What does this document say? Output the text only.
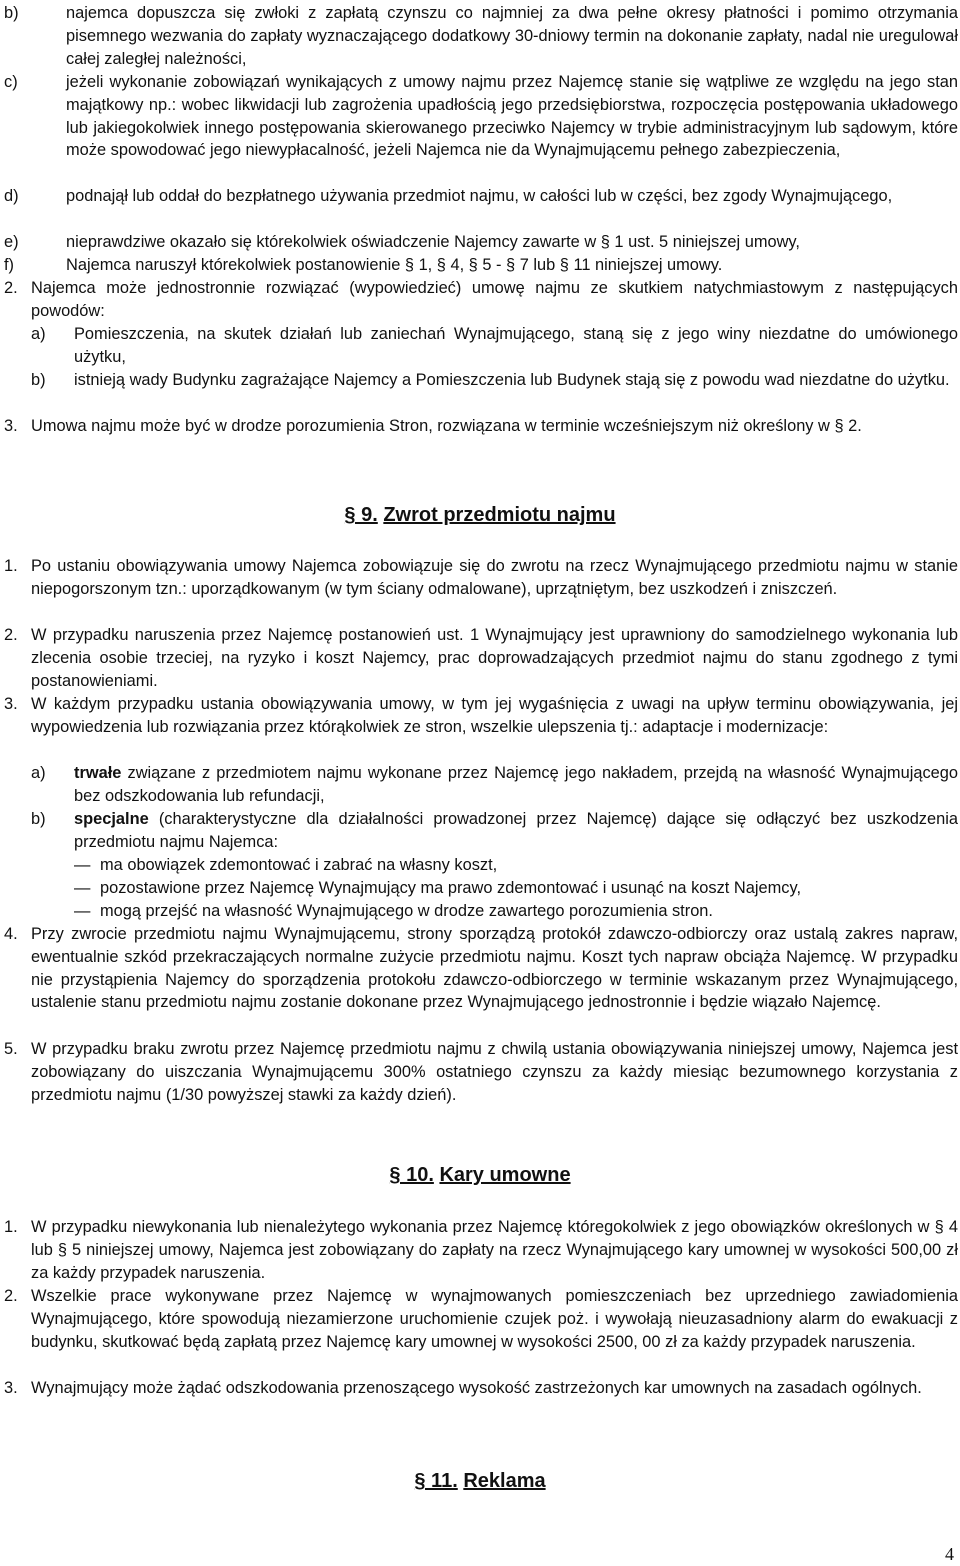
b)	najemca dopuszcza się zwłoki z zapłatą czynszu co najmniej za dwa pełne okresy płatności i pomimo otrzymania pisemnego wezwania do zapłaty wyznaczającego dodatkowy 30-dniowy termin na dokonanie zapłaty, nadal nie uregulował całej zaległej należności,
c)	jeżeli wykonanie zobowiązań wynikających z umowy najmu przez Najemcę stanie się wątpliwe ze względu na jego stan majątkowy np.: wobec likwidacji lub zagrożenia upadłością jego przedsiębiorstwa, rozpoczęcia postępowania układowego lub jakiegokolwiek innego postępowania skierowanego przeciwko Najemcy w trybie administracyjnym lub sądowym, które może spowodować jego niewypłacalność, jeżeli Najemca nie da Wynajmującemu pełnego zabezpieczenia,
d)	podnajął lub oddał do bezpłatnego używania przedmiot najmu, w całości lub w części, bez zgody Wynajmującego,
e)	nieprawdziwe okazało się którekolwiek oświadczenie Najemcy zawarte w § 1 ust. 5 niniejszej umowy,
f)	Najemca naruszył którekolwiek postanowienie § 1, § 4, § 5 - § 7 lub § 11 niniejszej umowy.
2. Najemca może jednostronnie rozwiązać (wypowiedzieć) umowę najmu ze skutkiem natychmiastowym z następujących powodów:
a) Pomieszczenia, na skutek działań lub zaniechań Wynajmującego, staną się z jego winy niezdatne do umówionego użytku,
b) istnieją wady Budynku zagrażające Najemcy a Pomieszczenia lub Budynek stają się z powodu wad niezdatne do użytku.
3. Umowa najmu może być w drodze porozumienia Stron, rozwiązana w terminie wcześniejszym niż określony w § 2.
§ 9. Zwrot przedmiotu najmu
1. Po ustaniu obowiązywania umowy Najemca zobowiązuje się do zwrotu na rzecz Wynajmującego przedmiotu najmu w stanie niepogorszonym tzn.: uporządkowanym (w tym ściany odmalowane), uprzątniętym, bez uszkodzeń i zniszczeń.
2. W przypadku naruszenia przez Najemcę postanowień ust. 1 Wynajmujący jest uprawniony do samodzielnego wykonania lub zlecenia osobie trzeciej, na ryzyko i koszt Najemcy, prac doprowadzających przedmiot najmu do stanu zgodnego z tymi postanowieniami.
3. W każdym przypadku ustania obowiązywania umowy, w tym jej wygaśnięcia z uwagi na upływ terminu obowiązywania, jej wypowiedzenia lub rozwiązania przez którąkolwiek ze stron, wszelkie ulepszenia tj.: adaptacje i modernizacje:
a) trwałe związane z przedmiotem najmu wykonane przez Najemcę jego nakładem, przejdą na własność Wynajmującego bez odszkodowania lub refundacji,
b) specjalne (charakterystyczne dla działalności prowadzonej przez Najemcę) dające się odłączyć bez uszkodzenia przedmiotu najmu Najemca:
— ma obowiązek zdemontować i zabrać na własny koszt,
— pozostawione przez Najemcę Wynajmujący ma prawo zdemontować i usunąć na koszt Najemcy,
— mogą przejść na własność Wynajmującego w drodze zawartego porozumienia stron.
4. Przy zwrocie przedmiotu najmu Wynajmującemu, strony sporządzą protokół zdawczo-odbiorczy oraz ustalą zakres napraw, ewentualnie szkód przekraczających normalne zużycie przedmiotu najmu. Koszt tych napraw obciąża Najemcę. W przypadku nie przystąpienia Najemcy do sporządzenia protokołu zdawczo-odbiorczego w terminie wskazanym przez Wynajmującego, ustalenie stanu przedmiotu najmu zostanie dokonane przez Wynajmującego jednostronnie i będzie wiązało Najemcę.
5. W przypadku braku zwrotu przez Najemcę przedmiotu najmu z chwilą ustania obowiązywania niniejszej umowy, Najemca jest zobowiązany do uiszczania Wynajmującemu 300% ostatniego czynszu za każdy miesiąc bezumownego korzystania z przedmiotu najmu (1/30 powyższej stawki za każdy dzień).
§ 10. Kary umowne
1. W przypadku niewykonania lub nienależytego wykonania przez Najemcę któregokolwiek z jego obowiązków określonych w § 4 lub § 5 niniejszej umowy, Najemca jest zobowiązany do zapłaty na rzecz Wynajmującego kary umownej w wysokości 500,00 zł za każdy przypadek naruszenia.
2. Wszelkie prace wykonywane przez Najemcę w wynajmowanych pomieszczeniach bez uprzedniego zawiadomienia Wynajmującego, które spowodują niezamierzone uruchomienie czujek poż. i wywołają nieuzasadniony alarm do ewakuacji z budynku, skutkować będą zapłatą przez Najemcę kary umownej w wysokości 2500, 00 zł za każdy przypadek naruszenia.
3. Wynajmujący może żądać odszkodowania przenoszącego wysokość zastrzeżonych kar umownych na zasadach ogólnych.
§ 11. Reklama
4
